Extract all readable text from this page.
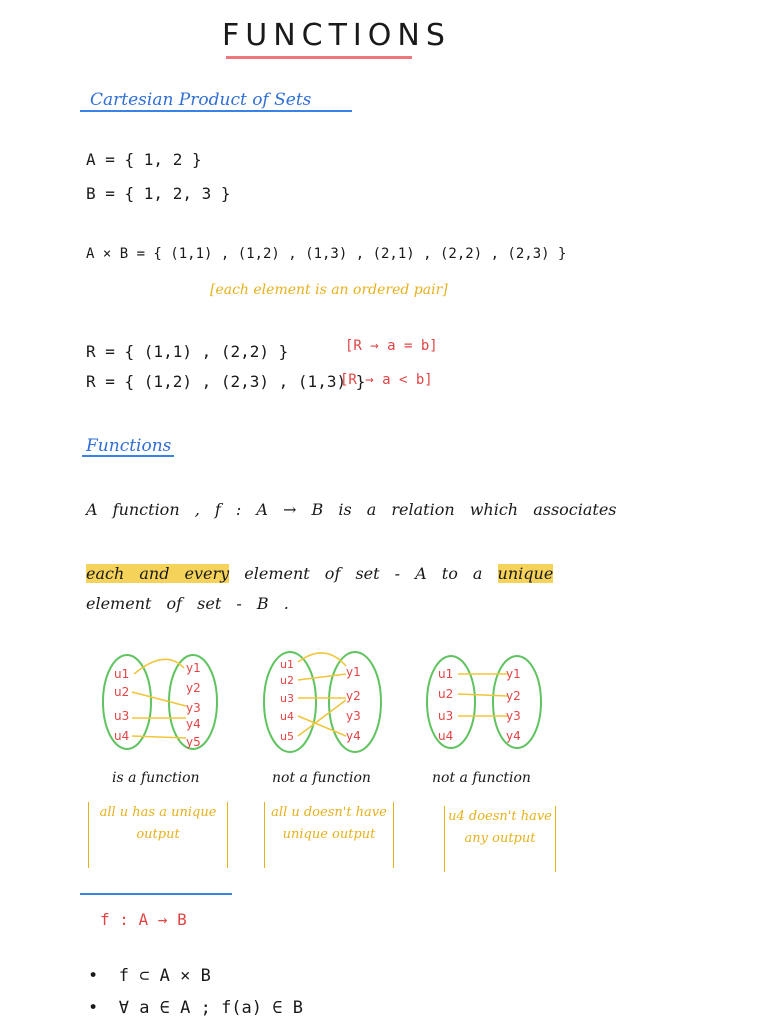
FUNCTIONS
Cartesian Product of Sets
A = { 1, 2 }
B = { 1, 2, 3 }
A × B = { (1,1) , (1,2) , (1,3) , (2,1) , (2,2) , (2,3) }
[each element is an ordered pair]
R = { (1,1) , (2,2) }	[R → a = b]
R = { (1,2) , (2,3) , (1,3) }
[R → a < b]
Functions
A function , f : A → B is a relation which associates
each and every element of set - A to a unique
element of set - B .
u1
u2
u3
u4
y1
y2
y3
y4
y5
u1
u2
u3
u4
u5
y1
y2
y3
y4
u1
u2
u3
u4
y1
y2
y3
y4
is a function	not a function	not a function
all u has a unique output
all u doesn't have unique output
u4 doesn't have any output
f : A → B
•  f ⊂ A × B
•  ∀ a ∈ A ; f(a) ∈ B
